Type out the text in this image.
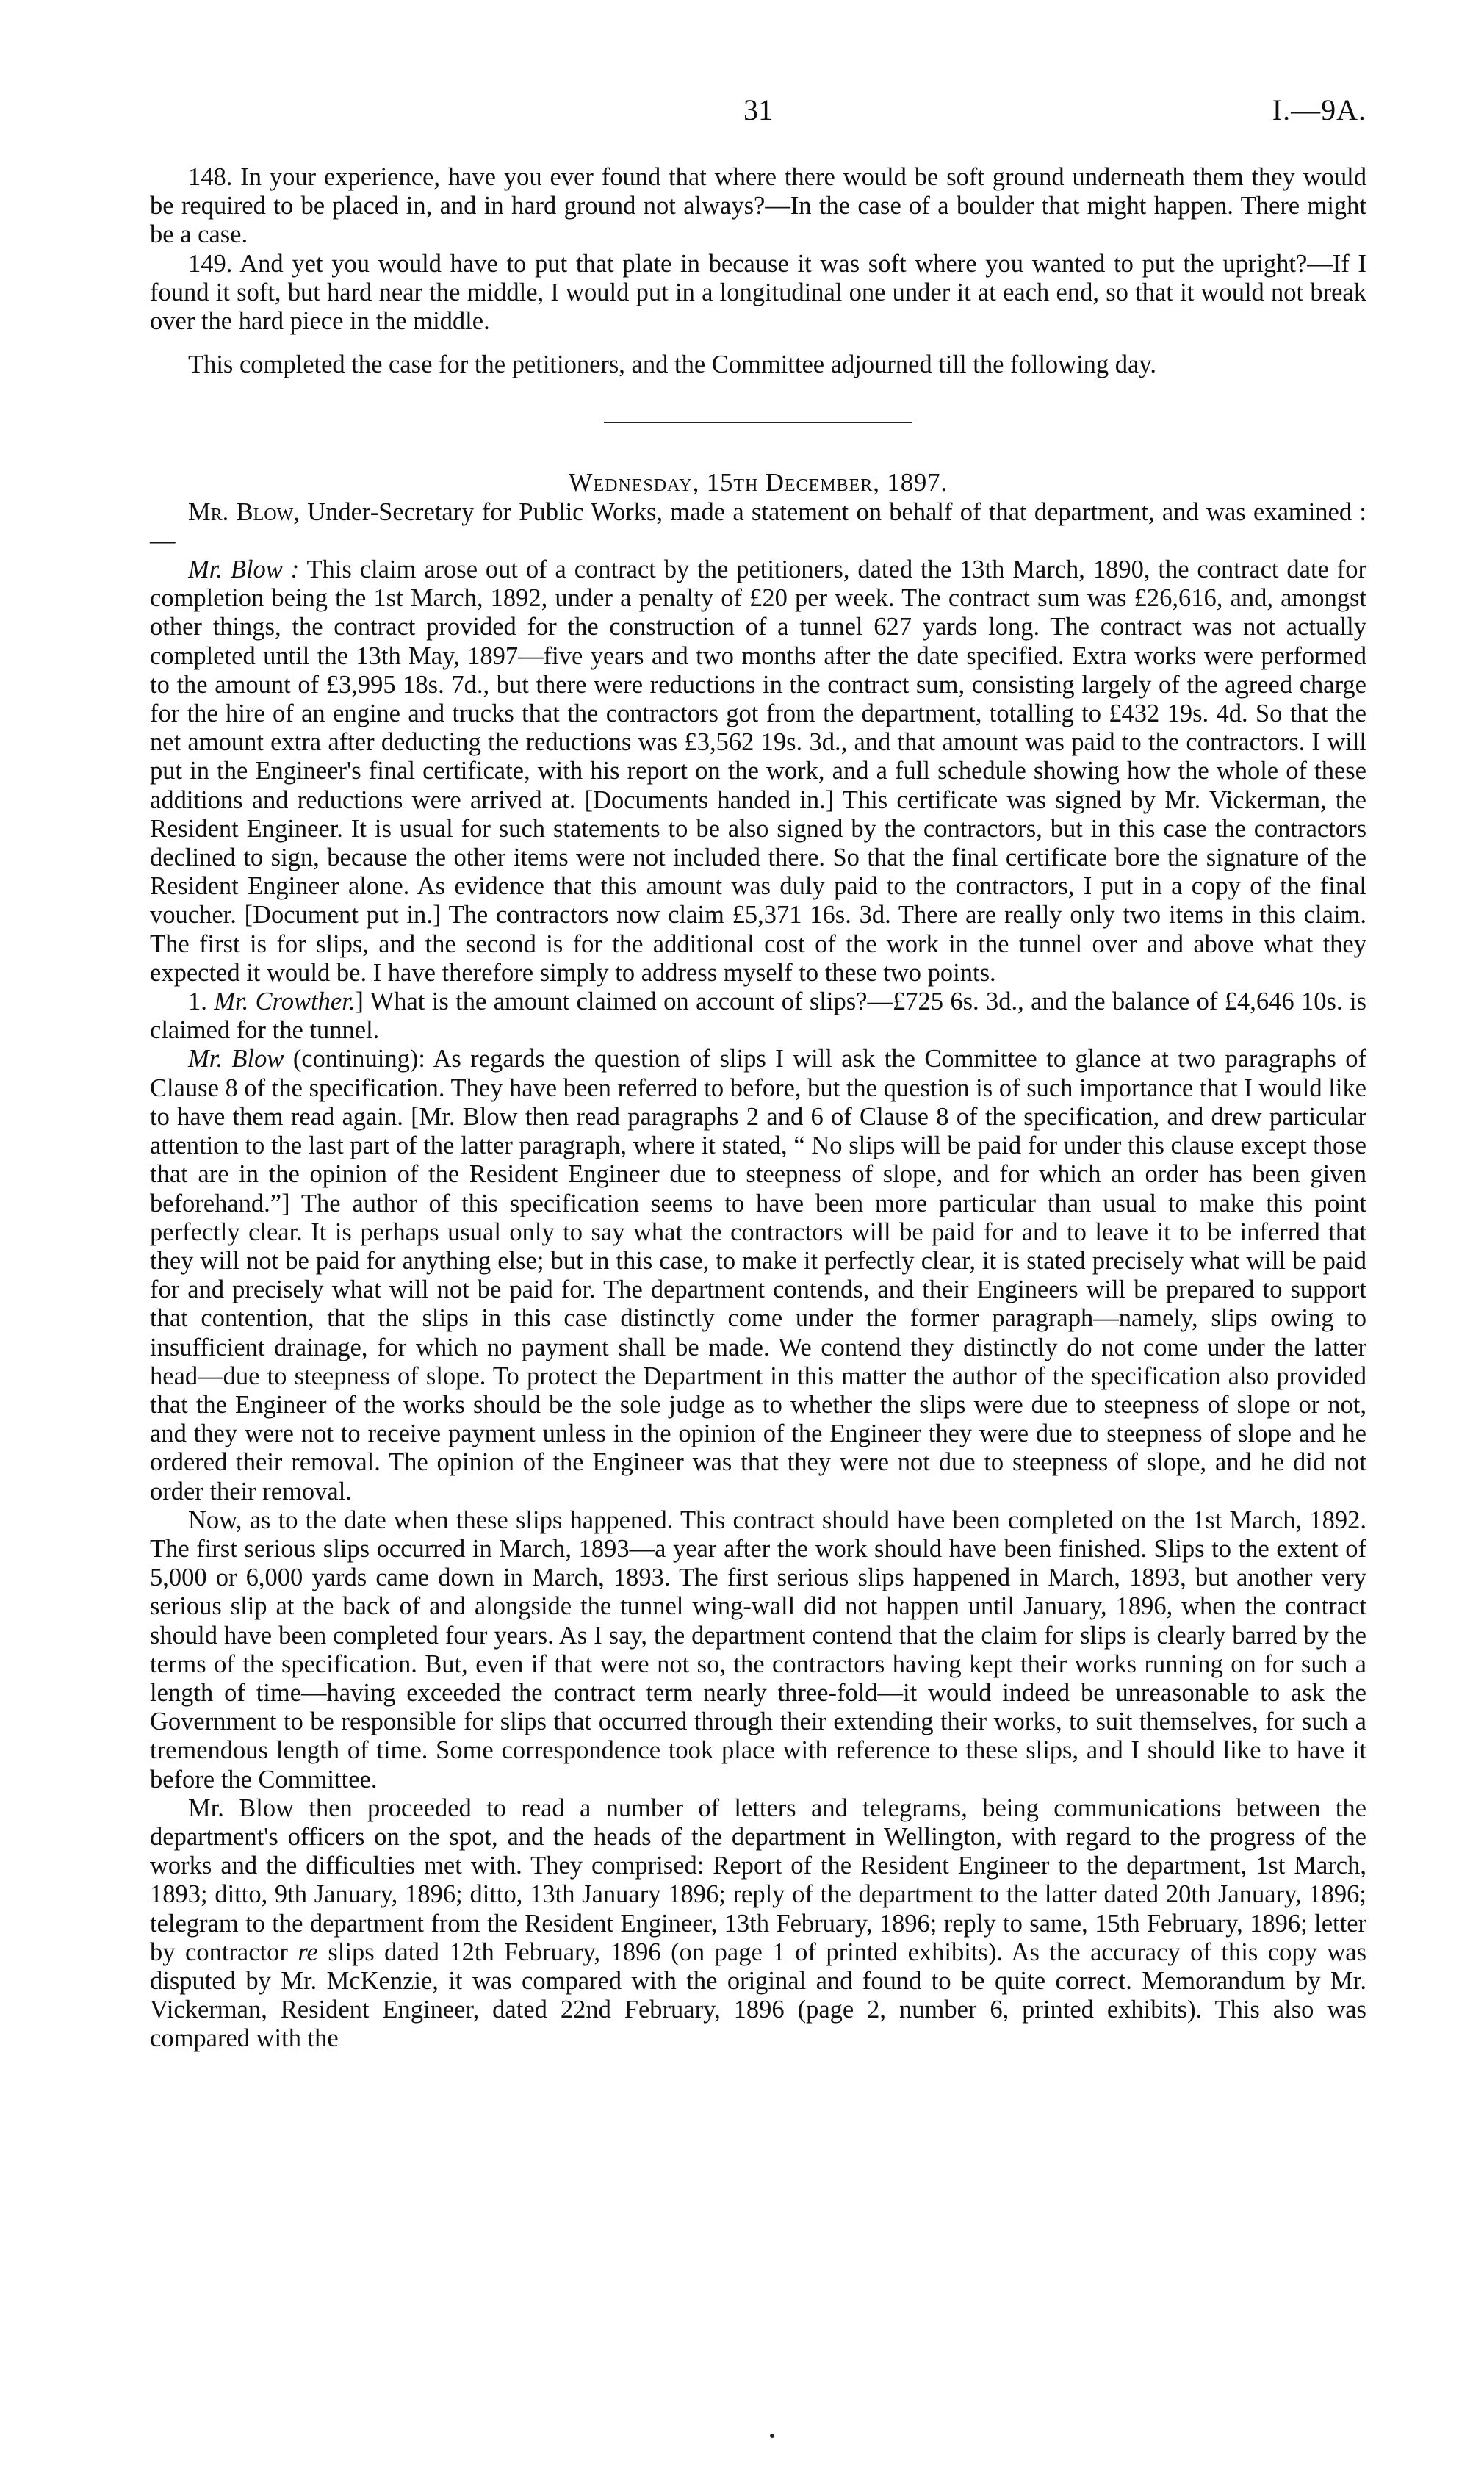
31	I.—9A.

148. In your experience, have you ever found that where there would be soft ground underneath them they would be required to be placed in, and in hard ground not always?—In the case of a boulder that might happen. There might be a case.

149. And yet you would have to put that plate in because it was soft where you wanted to put the upright?—If I found it soft, but hard near the middle, I would put in a longitudinal one under it at each end, so that it would not break over the hard piece in the middle.

This completed the case for the petitioners, and the Committee adjourned till the following day.

Wednesday, 15th December, 1897.

Mr. Blow, Under-Secretary for Public Works, made a statement on behalf of that department, and was examined :—

Mr. Blow : This claim arose out of a contract by the petitioners, dated the 13th March, 1890, the contract date for completion being the 1st March, 1892, under a penalty of £20 per week. The contract sum was £26,616, and, amongst other things, the contract provided for the construction of a tunnel 627 yards long. The contract was not actually completed until the 13th May, 1897—five years and two months after the date specified. Extra works were performed to the amount of £3,995 18s. 7d., but there were reductions in the contract sum, consisting largely of the agreed charge for the hire of an engine and trucks that the contractors got from the department, totalling to £432 19s. 4d. So that the net amount extra after deducting the reductions was £3,562 19s. 3d., and that amount was paid to the contractors. I will put in the Engineer's final certificate, with his report on the work, and a full schedule showing how the whole of these additions and reductions were arrived at. [Documents handed in.] This certificate was signed by Mr. Vickerman, the Resident Engineer. It is usual for such statements to be also signed by the contractors, but in this case the contractors declined to sign, because the other items were not included there. So that the final certificate bore the signature of the Resident Engineer alone. As evidence that this amount was duly paid to the contractors, I put in a copy of the final voucher. [Document put in.] The contractors now claim £5,371 16s. 3d. There are really only two items in this claim. The first is for slips, and the second is for the additional cost of the work in the tunnel over and above what they expected it would be. I have therefore simply to address myself to these two points.

1. Mr. Crowther.] What is the amount claimed on account of slips?—£725 6s. 3d., and the balance of £4,646 10s. is claimed for the tunnel.

Mr. Blow (continuing): As regards the question of slips I will ask the Committee to glance at two paragraphs of Clause 8 of the specification. They have been referred to before, but the question is of such importance that I would like to have them read again. [Mr. Blow then read paragraphs 2 and 6 of Clause 8 of the specification, and drew particular attention to the last part of the latter paragraph, where it stated, “ No slips will be paid for under this clause except those that are in the opinion of the Resident Engineer due to steepness of slope, and for which an order has been given beforehand.”] The author of this specification seems to have been more particular than usual to make this point perfectly clear. It is perhaps usual only to say what the contractors will be paid for and to leave it to be inferred that they will not be paid for anything else; but in this case, to make it perfectly clear, it is stated precisely what will be paid for and precisely what will not be paid for. The department contends, and their Engineers will be prepared to support that contention, that the slips in this case distinctly come under the former paragraph—namely, slips owing to insufficient drainage, for which no payment shall be made. We contend they distinctly do not come under the latter head—due to steepness of slope. To protect the Department in this matter the author of the specification also provided that the Engineer of the works should be the sole judge as to whether the slips were due to steepness of slope or not, and they were not to receive payment unless in the opinion of the Engineer they were due to steepness of slope and he ordered their removal. The opinion of the Engineer was that they were not due to steepness of slope, and he did not order their removal.

Now, as to the date when these slips happened. This contract should have been completed on the 1st March, 1892. The first serious slips occurred in March, 1893—a year after the work should have been finished. Slips to the extent of 5,000 or 6,000 yards came down in March, 1893. The first serious slips happened in March, 1893, but another very serious slip at the back of and alongside the tunnel wing-wall did not happen until January, 1896, when the contract should have been completed four years. As I say, the department contend that the claim for slips is clearly barred by the terms of the specification. But, even if that were not so, the contractors having kept their works running on for such a length of time—having exceeded the contract term nearly three-fold—it would indeed be unreasonable to ask the Government to be responsible for slips that occurred through their extending their works, to suit themselves, for such a tremendous length of time. Some correspondence took place with reference to these slips, and I should like to have it before the Committee.

Mr. Blow then proceeded to read a number of letters and telegrams, being communications between the department's officers on the spot, and the heads of the department in Wellington, with regard to the progress of the works and the difficulties met with. They comprised: Report of the Resident Engineer to the department, 1st March, 1893; ditto, 9th January, 1896; ditto, 13th January 1896; reply of the department to the latter dated 20th January, 1896; telegram to the department from the Resident Engineer, 13th February, 1896; reply to same, 15th February, 1896; letter by contractor re slips dated 12th February, 1896 (on page 1 of printed exhibits). As the accuracy of this copy was disputed by Mr. McKenzie, it was compared with the original and found to be quite correct. Memorandum by Mr. Vickerman, Resident Engineer, dated 22nd February, 1896 (page 2, number 6, printed exhibits). This also was compared with the
